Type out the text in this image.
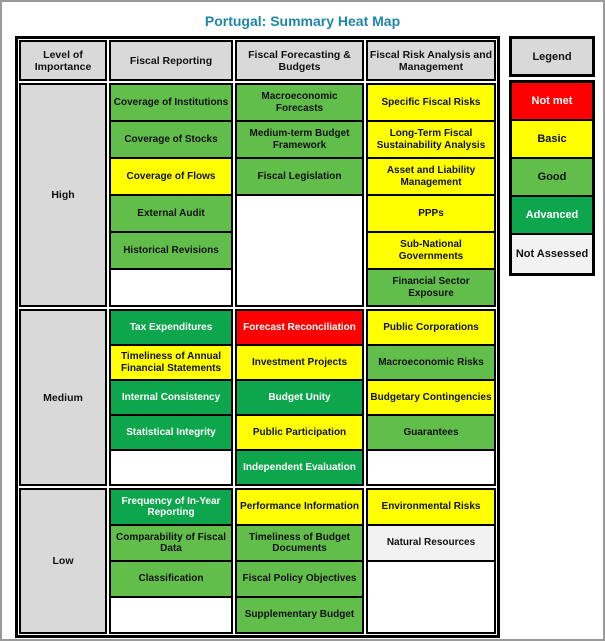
Portugal: Summary Heat Map
Level of Importance	Fiscal Reporting	Fiscal Forecasting & Budgets
Fiscal Risk Analysis and Management
High
Coverage of Institutions
Coverage of Stocks
Coverage of Flows
External Audit
Historical Revisions
Macroeconomic Forecasts
Medium-term Budget Framework
Fiscal Legislation
Specific Fiscal Risks
Long-Term Fiscal Sustainability Analysis
Asset and Liability Management
PPPs
Sub-National Governments
Financial Sector Exposure
Medium
Tax Expenditures
Timeliness of Annual Financial Statements
Internal Consistency
Statistical Integrity
Forecast Reconciliation
Investment Projects
Budget Unity
Public Participation
Independent Evaluation
Public Corporations
Macroeconomic Risks
Budgetary Contingencies
Guarantees
Low
Frequency of In-Year Reporting
Comparability of Fiscal Data
Classification
Performance Information
Timeliness of Budget Documents
Fiscal Policy Objectives
Supplementary Budget
Environmental Risks
Natural Resources
Legend
Not met
Basic
Good
Advanced
Not Assessed
